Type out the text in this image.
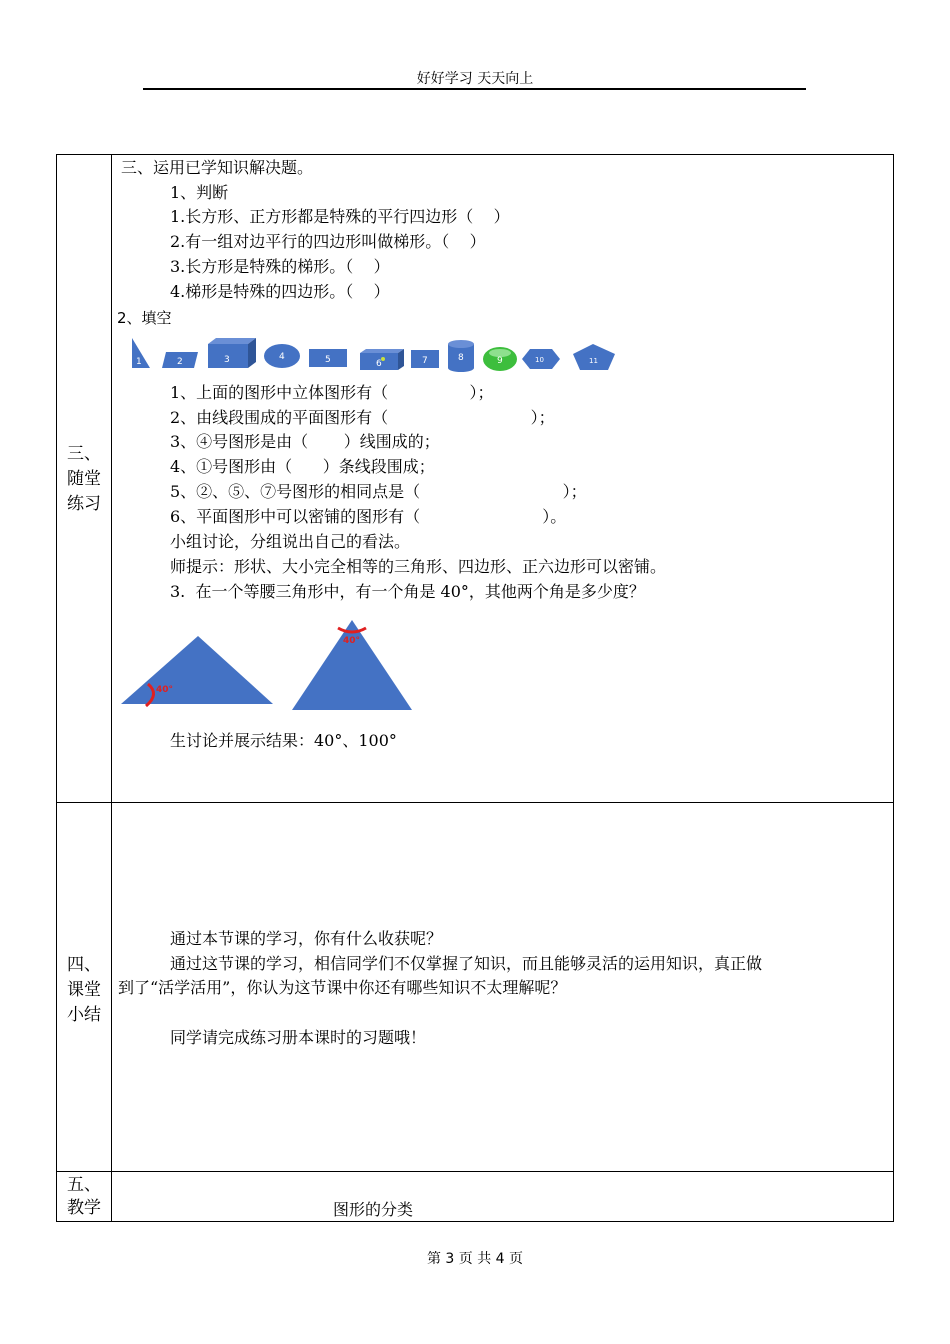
好好学习 天天向上
三、
随堂
练习
三、运用已学知识解决题。
1、判断
1.长方形、正方形都是特殊的平行四边形（    ）
2.有一组对边平行的四边形叫做梯形。（    ）
3.长方形是特殊的梯形。（    ）
4.梯形是特殊的四边形。（    ）
2、填空
1	2	3	4	5	6	7	8	9	10	11
1、上面的图形中立体图形有（                ）；
2、由线段围成的平面图形有（                            ）；
3、④号图形是由（       ）线围成的；
4、①号图形由（      ）条线段围成；
5、②、⑤、⑦号图形的相同点是（                            ）；
6、平面图形中可以密铺的图形有（                        ）。
小组讨论，分组说出自己的看法。
师提示：形状、大小完全相等的三角形、四边形、正六边形可以密铺。
3.  在一个等腰三角形中，有一个角是 40°，其他两个角是多少度？
40°
40°
生讨论并展示结果：40°、100°
四、
课堂
小结
通过本节课的学习，你有什么收获呢？
通过这节课的学习，相信同学们不仅掌握了知识，而且能够灵活的运用知识，真正做
到了“活学活用”，你认为这节课中你还有哪些知识不太理解呢？
同学请完成练习册本课时的习题哦！
五、
教学	图形的分类
第 3 页 共 4 页
